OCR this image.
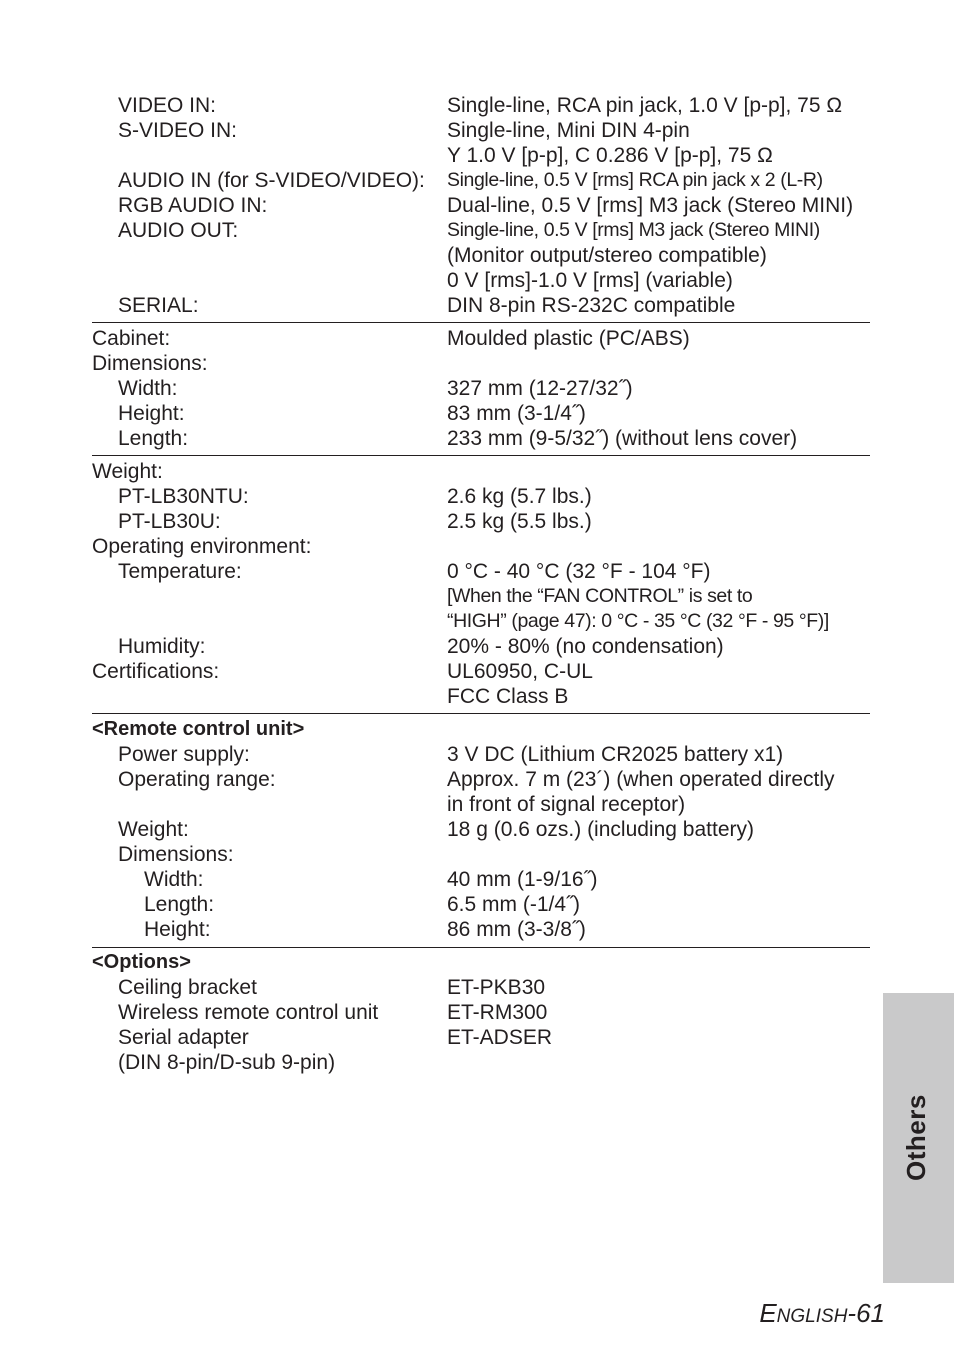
VIDEO IN:	Single-line, RCA pin jack, 1.0 V [p-p], 75 Ω
S-VIDEO IN:	Single-line, Mini DIN 4-pin
Y 1.0 V [p-p], C 0.286 V [p-p], 75 Ω
AUDIO IN (for S-VIDEO/VIDEO): Single-line, 0.5 V [rms] RCA pin jack x 2 (L-R)
RGB AUDIO IN:	Dual-line, 0.5 V [rms] M3 jack (Stereo MINI)
AUDIO OUT:	Single-line, 0.5 V [rms] M3 jack (Stereo MINI)
(Monitor output/stereo compatible)
0 V [rms]-1.0 V [rms] (variable)
SERIAL:	DIN 8-pin RS-232C compatible
Cabinet:	Moulded plastic (PC/ABS)
Dimensions:
Width:	327 mm (12-27/32˝)
Height:	83 mm (3-1/4˝)
Length:	233 mm (9-5/32˝) (without lens cover)
Weight:
PT-LB30NTU:	2.6 kg (5.7 lbs.)
PT-LB30U:	2.5 kg (5.5 lbs.)
Operating environment:
Temperature:	0 °C - 40 °C (32 °F - 104 °F)
[When the “FAN CONTROL” is set to
“HIGH” (page 47): 0 °C - 35 °C (32 °F - 95 °F)]
Humidity:	20% - 80% (no condensation)
Certifications:	UL60950, C-UL
FCC Class B
<Remote control unit>
Power supply:	3 V DC (Lithium CR2025 battery x1)
Operating range:	Approx. 7 m (23´) (when operated directly
in front of signal receptor)
Weight:	18 g (0.6 ozs.) (including battery)
Dimensions:
Width:	40 mm (1-9/16˝)
Length:	6.5 mm (-1/4˝)
Height:	86 mm (3-3/8˝)
<Options>
Ceiling bracket	ET-PKB30
Wireless remote control unit	ET-RM300
Serial adapter	ET-ADSER
(DIN 8-pin/D-sub 9-pin)
Others
ENGLISH-61
